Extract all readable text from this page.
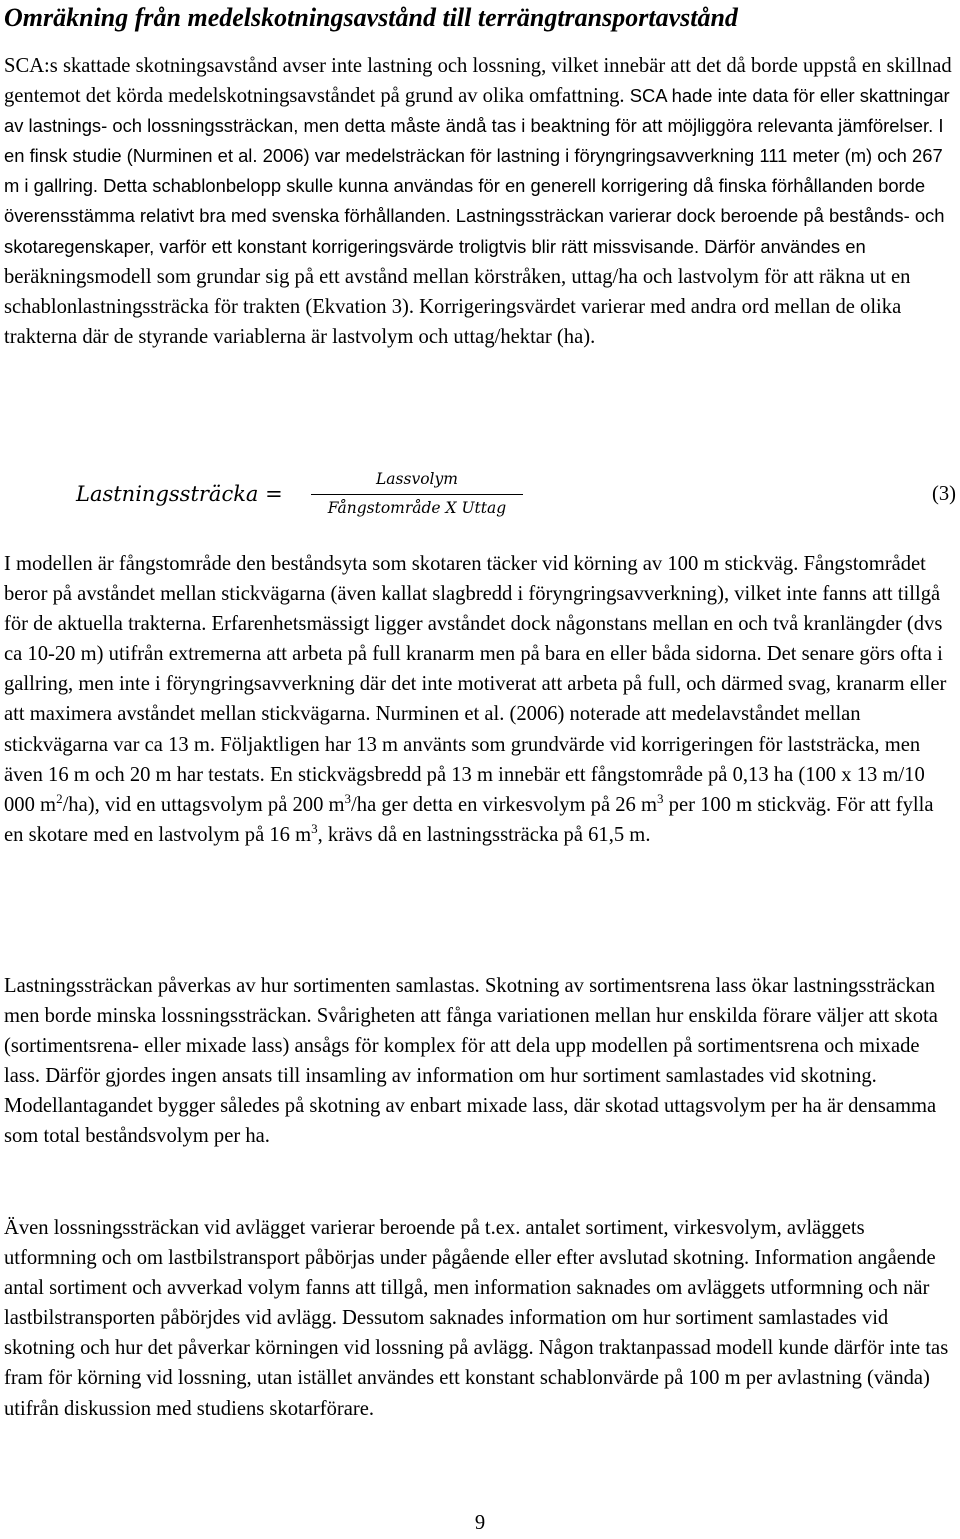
Omräkning från medelskotningsavstånd till terrängtransportavstånd

SCA:s skattade skotningsavstånd avser inte lastning och lossning, vilket innebär att det då borde uppstå en skillnad gentemot det körda medelskotningsavståndet på grund av olika omfattning. SCA hade inte data för eller skattningar av lastnings- och lossningssträckan, men detta måste ändå tas i beaktning för att möjliggöra relevanta jämförelser. I en finsk studie (Nurminen et al. 2006) var medelsträckan för lastning i föryngringsavverkning 111 meter (m) och 267 m i gallring. Detta schablonbelopp skulle kunna användas för en generell korrigering då finska förhållanden borde överensstämma relativt bra med svenska förhållanden. Lastningssträckan varierar dock beroende på bestånds- och skotaregenskaper, varför ett konstant korrigeringsvärde troligtvis blir rätt missvisande. Därför användes en beräkningsmodell som grundar sig på ett avstånd mellan körstråken, uttag/ha och lastvolym för att räkna ut en schablonlastningssträcka för trakten (Ekvation 3). Korrigeringsvärdet varierar med andra ord mellan de olika trakterna där de styrande variablerna är lastvolym och uttag/hektar (ha).

Lastningssträcka =
Lassvolym
Fångstområde X Uttag
(3)

I modellen är fångstområde den beståndsyta som skotaren täcker vid körning av 100 m stickväg. Fångstområdet beror på avståndet mellan stickvägarna (även kallat slagbredd i föryngringsavverkning), vilket inte fanns att tillgå för de aktuella trakterna. Erfarenhetsmässigt ligger avståndet dock någonstans mellan en och två kranlängder (dvs ca 10-20 m) utifrån extremerna att arbeta på full kranarm men på bara en eller båda sidorna. Det senare görs ofta i gallring, men inte i föryngringsavverkning där det inte motiverat att arbeta på full, och därmed svag, kranarm eller att maximera avståndet mellan stickvägarna. Nurminen et al. (2006) noterade att medelavståndet mellan stickvägarna var ca 13 m. Följaktligen har 13 m använts som grundvärde vid korrigeringen för laststräcka, men även 16 m och 20 m har testats. En stickvägsbredd på 13 m innebär ett fångstområde på 0,13 ha (100 x 13 m/10 000 $m^2/ha$), vid en uttagsvolym på 200 $m^3/ha$ ger detta en virkesvolym på 26 $m^3$ per 100 m stickväg. För att fylla en skotare med en lastvolym på 16 $m^3$, krävs då en lastningssträcka på 61,5 m.

Lastningssträckan påverkas av hur sortimenten samlastas. Skotning av sortimentsrena lass ökar lastningssträckan men borde minska lossningssträckan. Svårigheten att fånga variationen mellan hur enskilda förare väljer att skota (sortimentsrena- eller mixade lass) ansågs för komplex för att dela upp modellen på sortimentsrena och mixade lass. Därför gjordes ingen ansats till insamling av information om hur sortiment samlastades vid skotning. Modellantagandet bygger således på skotning av enbart mixade lass, där skotad uttagsvolym per ha är densamma som total beståndsvolym per ha.

Även lossningssträckan vid avlägget varierar beroende på t.ex. antalet sortiment, virkesvolym, avläggets utformning och om lastbilstransport påbörjas under pågående eller efter avslutad skotning. Information angående antal sortiment och avverkad volym fanns att tillgå, men information saknades om avläggets utformning och när lastbilstransporten påbörjdes vid avlägg. Dessutom saknades information om hur sortiment samlastades vid skotning och hur det påverkar körningen vid lossning på avlägg. Någon traktanpassad modell kunde därför inte tas fram för körning vid lossning, utan istället användes ett konstant schablonvärde på 100 m per avlastning (vända) utifrån diskussion med studiens skotarförare.

9
